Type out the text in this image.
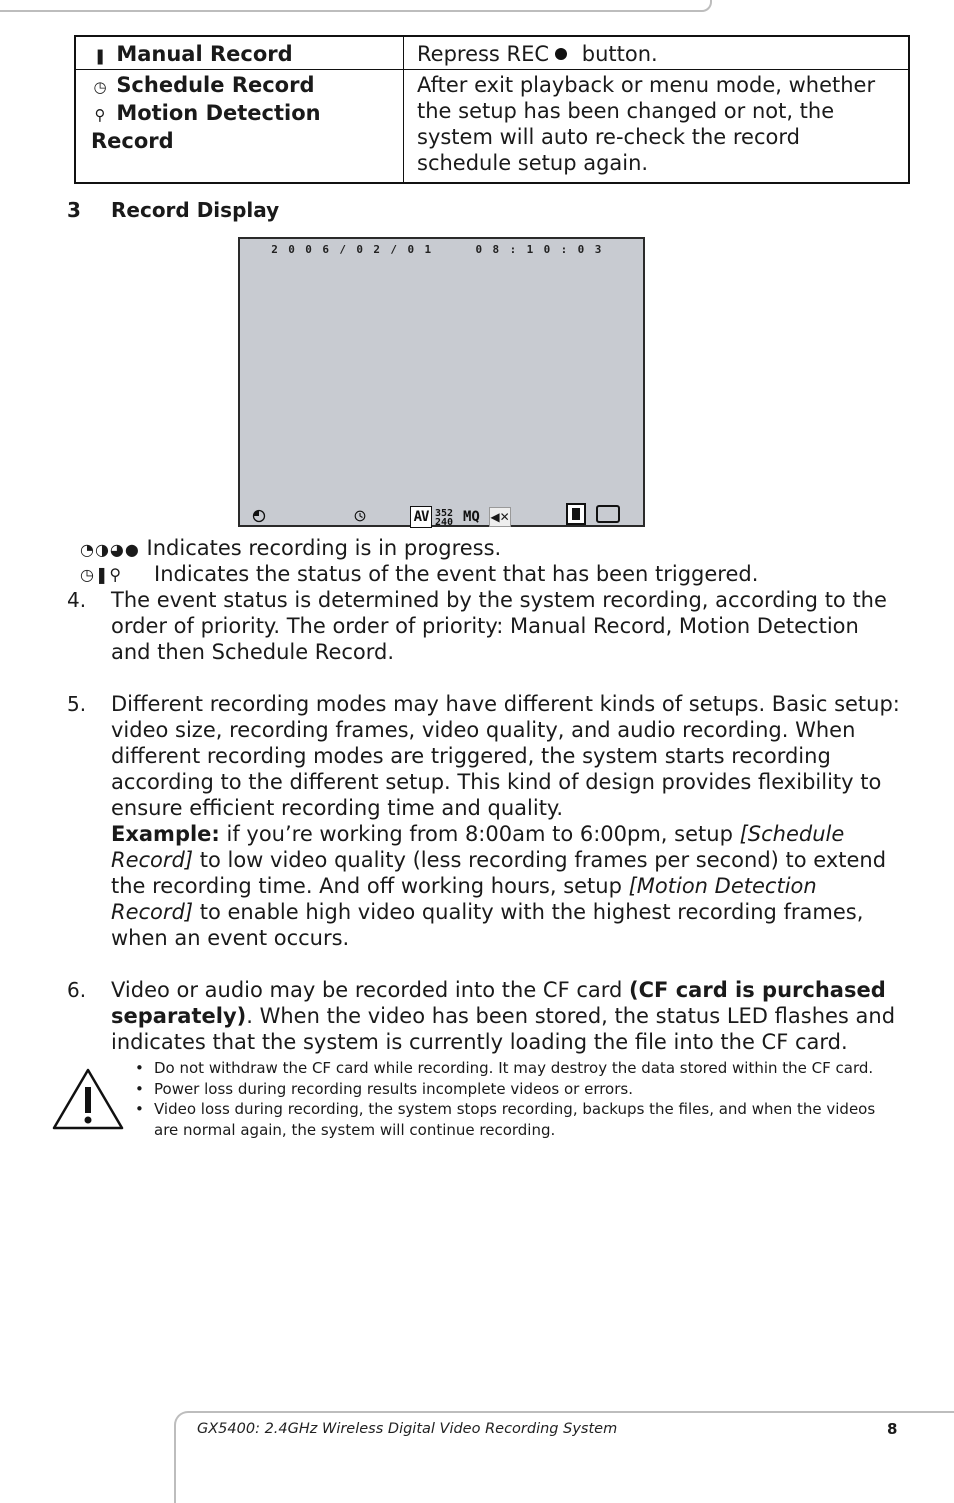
❚ Manual Record	Repress REC button.

◷ Schedule Record
⚲ Motion Detection Record	After exit playback or menu mode, whether the setup has been changed or not, the system will auto re-check the record schedule setup again.
3 Record Display
2006/02/01  08:10:03
AV 352
240 MQ ◀✕
◔◑◕● Indicates recording is in progress.
◷❚⚲ Indicates the status of the event that has been triggered.
4. The event status is determined by the system recording, according to the order of priority. The order of priority: Manual Record, Motion Detection and then Schedule Record.
5. Different recording modes may have different kinds of setups. Basic setup: video size, recording frames, video quality, and audio recording. When different recording modes are triggered, the system starts recording according to the different setup. This kind of design provides flexibility to ensure efficient recording time and quality.
Example: if you’re working from 8:00am to 6:00pm, setup [Schedule Record] to low video quality (less recording frames per second) to extend the recording time. And off working hours, setup [Motion Detection Record] to enable high video quality with the highest recording frames, when an event occurs.
6. Video or audio may be recorded into the CF card (CF card is purchased separately). When the video has been stored, the status LED flashes and indicates that the system is currently loading the file into the CF card.
• Do not withdraw the CF card while recording. It may destroy the data stored within the CF card.
• Power loss during recording results incomplete videos or errors.
• Video loss during recording, the system stops recording, backups the files, and when the videos are normal again, the system will continue recording.
GX5400: 2.4GHz Wireless Digital Video Recording System	8
